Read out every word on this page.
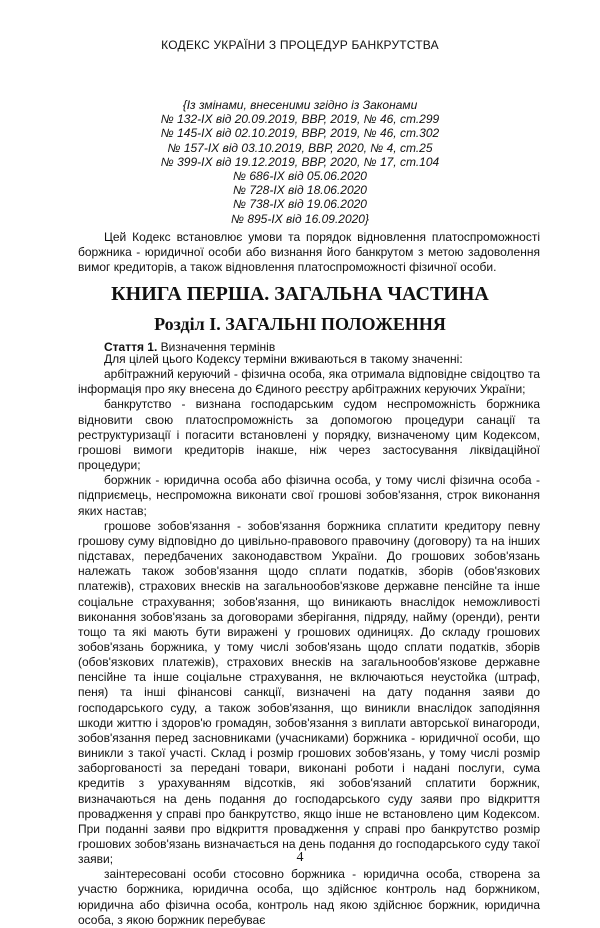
КОДЕКС УКРАЇНИ З ПРОЦЕДУР БАНКРУТСТВА
{Із змінами, внесеними згідно із Законами
№ 132-IX від 20.09.2019, ВВР, 2019, № 46, ст.299
№ 145-IX від 02.10.2019, ВВР, 2019, № 46, ст.302
№ 157-IX від 03.10.2019, ВВР, 2020, № 4, ст.25
№ 399-IX від 19.12.2019, ВВР, 2020, № 17, ст.104
№ 686-IX від 05.06.2020
№ 728-IX від 18.06.2020
№ 738-IX від 19.06.2020
№ 895-IX від 16.09.2020}
Цей Кодекс встановлює умови та порядок відновлення платоспроможності боржника - юридичної особи або визнання його банкрутом з метою задоволення вимог кредиторів, а також відновлення платоспроможності фізичної особи.
КНИГА ПЕРША. ЗАГАЛЬНА ЧАСТИНА
Розділ І. ЗАГАЛЬНІ ПОЛОЖЕННЯ
Стаття 1. Визначення термінів

Для цілей цього Кодексу терміни вживаються в такому значенні:

арбітражний керуючий - фізична особа, яка отримала відповідне свідоцтво та інформація про яку внесена до Єдиного реєстру арбітражних керуючих України;

банкрутство - визнана господарським судом неспроможність боржника відновити свою платоспроможність за допомогою процедури санації та реструктуризації і погасити встановлені у порядку, визначеному цим Кодексом, грошові вимоги кредиторів інакше, ніж через застосування ліквідаційної процедури;

боржник - юридична особа або фізична особа, у тому числі фізична особа - підприємець, неспроможна виконати свої грошові зобов'язання, строк виконання яких настав;

грошове зобов'язання - зобов'язання боржника сплатити кредитору певну грошову суму відповідно до цивільно-правового правочину (договору) та на інших підставах, передбачених законодавством України. До грошових зобов'язань належать також зобов'язання щодо сплати податків, зборів (обов'язкових платежів), страхових внесків на загальнообов'язкове державне пенсійне та інше соціальне страхування; зобов'язання, що виникають внаслідок неможливості виконання зобов'язань за договорами зберігання, підряду, найму (оренди), ренти тощо та які мають бути виражені у грошових одиницях. До складу грошових зобов'язань боржника, у тому числі зобов'язань щодо сплати податків, зборів (обов'язкових платежів), страхових внесків на загальнообов'язкове державне пенсійне та інше соціальне страхування, не включаються неустойка (штраф, пеня) та інші фінансові санкції, визначені на дату подання заяви до господарського суду, а також зобов'язання, що виникли внаслідок заподіяння шкоди життю і здоров'ю громадян, зобов'язання з виплати авторської винагороди, зобов'язання перед засновниками (учасниками) боржника - юридичної особи, що виникли з такої участі. Склад і розмір грошових зобов'язань, у тому числі розмір заборгованості за передані товари, виконані роботи і надані послуги, сума кредитів з урахуванням відсотків, які зобов'язаний сплатити боржник, визначаються на день подання до господарського суду заяви про відкриття провадження у справі про банкрутство, якщо інше не встановлено цим Кодексом. При поданні заяви про відкриття провадження у справі про банкрутство розмір грошових зобов'язань визначається на день подання до господарського суду такої заяви;

заінтересовані особи стосовно боржника - юридична особа, створена за участю боржника, юридична особа, що здійснює контроль над боржником, юридична або фізична особа, контроль над якою здійснює боржник, юридична особа, з якою боржник перебуває

4
